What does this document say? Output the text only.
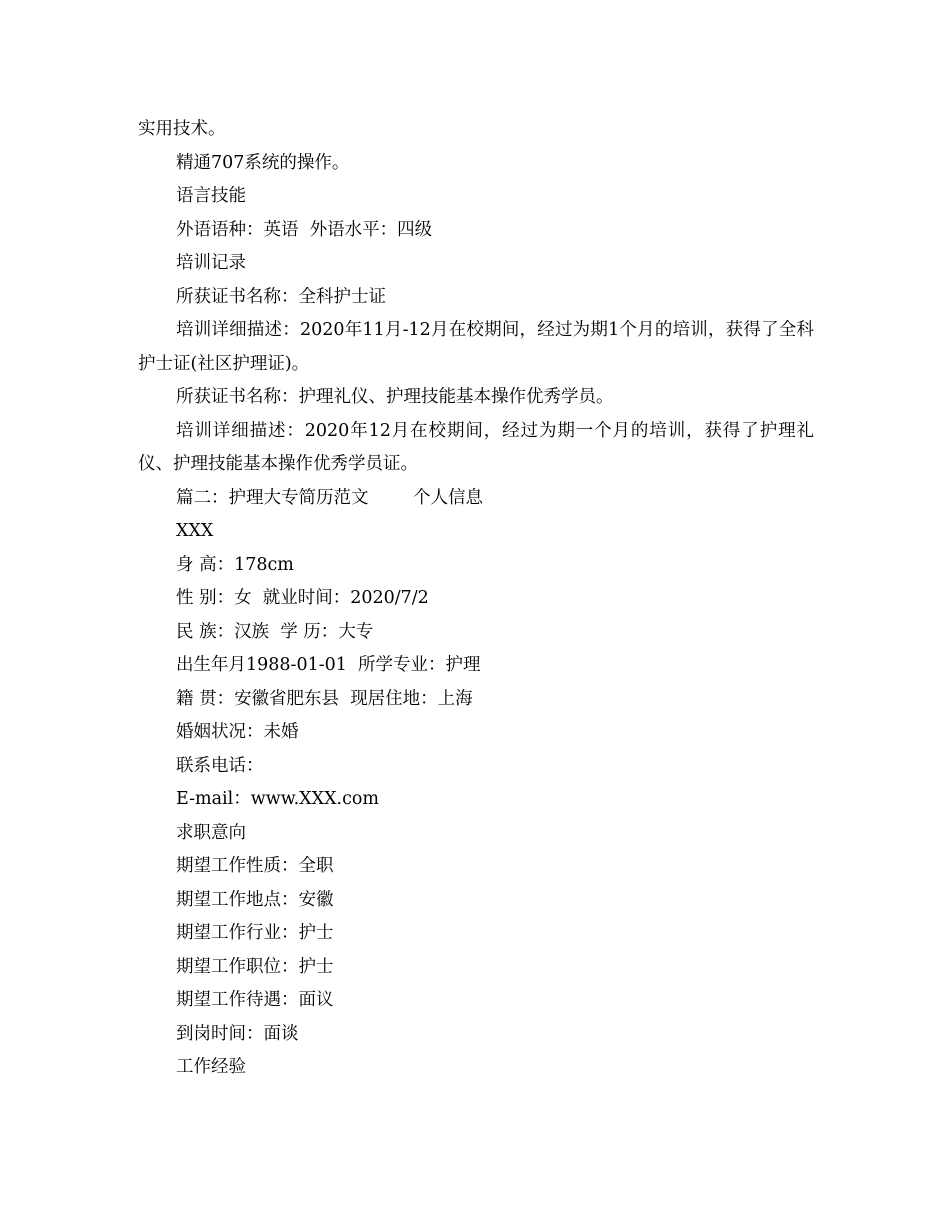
实用技术。

精通707系统的操作。

语言技能

外语语种：英语  外语水平：四级

培训记录

所获证书名称：全科护士证

培训详细描述：2020年11月-12月在校期间，经过为期1个月的培训，获得了全科护士证(社区护理证)。

所获证书名称：护理礼仪、护理技能基本操作优秀学员。

培训详细描述：2020年12月在校期间，经过为期一个月的培训，获得了护理礼仪、护理技能基本操作优秀学员证。

篇二：护理大专简历范文        个人信息

XXX

身 高：178cm

性 别：女  就业时间：2020/7/2

民 族：汉族  学 历：大专

出生年月1988-01-01  所学专业：护理

籍 贯：安徽省肥东县  现居住地：上海

婚姻状况：未婚

联系电话：

E-mail：www.XXX.com

求职意向

期望工作性质：全职

期望工作地点：安徽

期望工作行业：护士

期望工作职位：护士

期望工作待遇：面议

到岗时间：面谈

工作经验
